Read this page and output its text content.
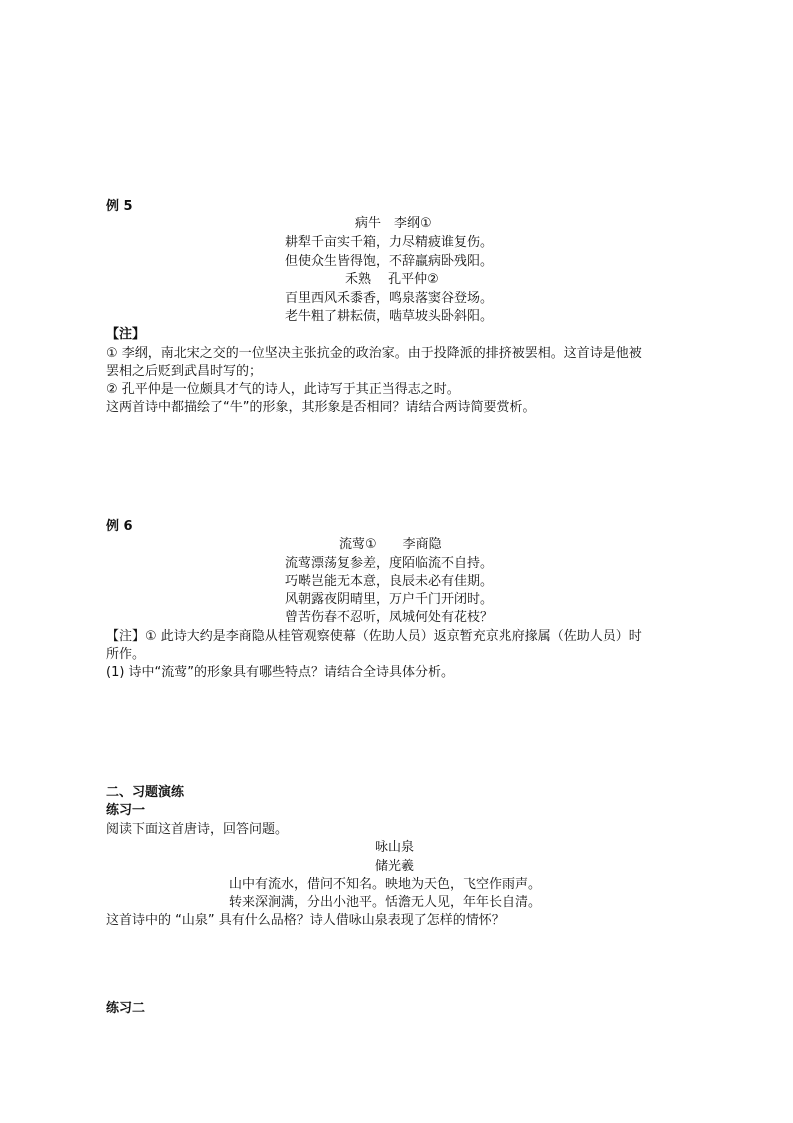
例 5
病牛　李纲①
耕犁千亩实千箱，力尽精疲谁复伤。
但使众生皆得饱，不辞羸病卧残阳。
禾熟　 孔平仲②
百里西风禾黍香，鸣泉落窦谷登场。
老牛粗了耕耘债，啮草坡头卧斜阳。
【注】
① 李纲，南北宋之交的一位坚决主张抗金的政治家。由于投降派的排挤被罢相。这首诗是他被
罢相之后贬到武昌时写的；
② 孔平仲是一位颇具才气的诗人，此诗写于其正当得志之时。
这两首诗中都描绘了“牛”的形象，其形象是否相同？请结合两诗简要赏析。
例 6
流莺①　　李商隐
流莺漂荡复参差，度陌临流不自持。
巧啭岂能无本意，良辰未必有佳期。
风朝露夜阴晴里，万户千门开闭时。
曾苦伤春不忍听，凤城何处有花枝？
【注】① 此诗大约是李商隐从桂管观察使幕（佐助人员）返京暂充京兆府掾属（佐助人员）时
所作。
(1) 诗中“流莺”的形象具有哪些特点？请结合全诗具体分析。
二、习题演练
练习一
阅读下面这首唐诗，回答问题。
咏山泉
储光羲
山中有流水，借问不知名。映地为天色，飞空作雨声。
转来深涧满，分出小池平。恬澹无人见，年年长自清。
这首诗中的 “山泉” 具有什么品格？诗人借咏山泉表现了怎样的情怀？
练习二
